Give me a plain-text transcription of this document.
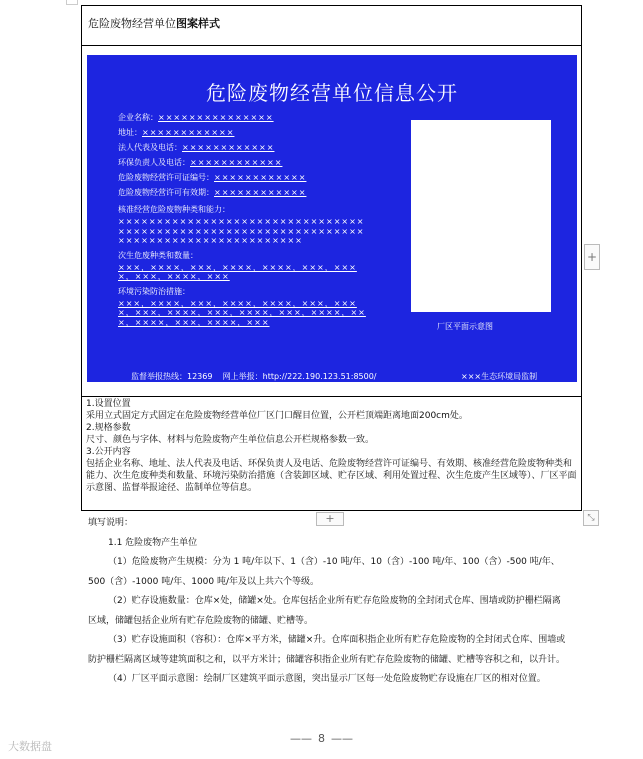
危险废物经营单位图案样式
危险废物经营单位信息公开
企业名称：×××××××××××××××
地址：××××××××××××
法人代表及电话：××××××××××××
环保负责人及电话：××××××××××××
危险废物经营许可证编号：××××××××××××
危险废物经营许可有效期：××××××××××××
核准经营危险废物种类和能力：
××××××××××××××××××××××××××××××××××××××××××××××××××××××××××××××××××××××××××××××××××××××××
次生危废种类和数量：
×××，××××，×××，××××，××××，×××，××××，×××，××××，×××
环境污染防治措施：
×××，××××，×××，××××，××××，×××，××××，×××，××××，×××，××××，×××，××××，×××，××××，×××，××××，×××	厂区平面示意图
监督举报热线：12369 网上举报：http://222.190.123.51:8500/	×××生态环境局监制
1.设置位置
采用立式固定方式固定在危险废物经营单位厂区门口醒目位置，公开栏顶端距离地面200cm处。
2.规格参数
尺寸、颜色与字体、材料与危险废物产生单位信息公开栏规格参数一致。
3.公开内容
包括企业名称、地址、法人代表及电话、环保负责人及电话、危险废物经营许可证编号、有效期、核准经营危险废物种类和能力、次生危废种类和数量、环境污染防治措施（含装卸区域、贮存区域、利用处置过程、次生危废产生区域等）、厂区平面示意图、监督举报途径、监制单位等信息。
+
+	⤡

填写说明：

1.1 危险废物产生单位

（1）危险废物产生规模：分为 1 吨/年以下、1（含）-10 吨/年、10（含）-100 吨/年、100（含）-500 吨/年、500（含）-1000 吨/年、1000 吨/年及以上共六个等级。

（2）贮存设施数量：仓库×处，储罐×处。仓库包括企业所有贮存危险废物的全封闭式仓库、围墙或防护栅栏隔离区域，储罐包括企业所有贮存危险废物的储罐、贮槽等。

（3）贮存设施面积（容积）：仓库×平方米，储罐×升。仓库面积指企业所有贮存危险废物的全封闭式仓库、围墙或防护栅栏隔离区域等建筑面积之和，以平方米计；储罐容积指企业所有贮存危险废物的储罐、贮槽等容积之和，以升计。

（4）厂区平面示意图：绘制厂区建筑平面示意图，突出显示厂区每一处危险废物贮存设施在厂区的相对位置。

—— 8 ——
大数据盘
